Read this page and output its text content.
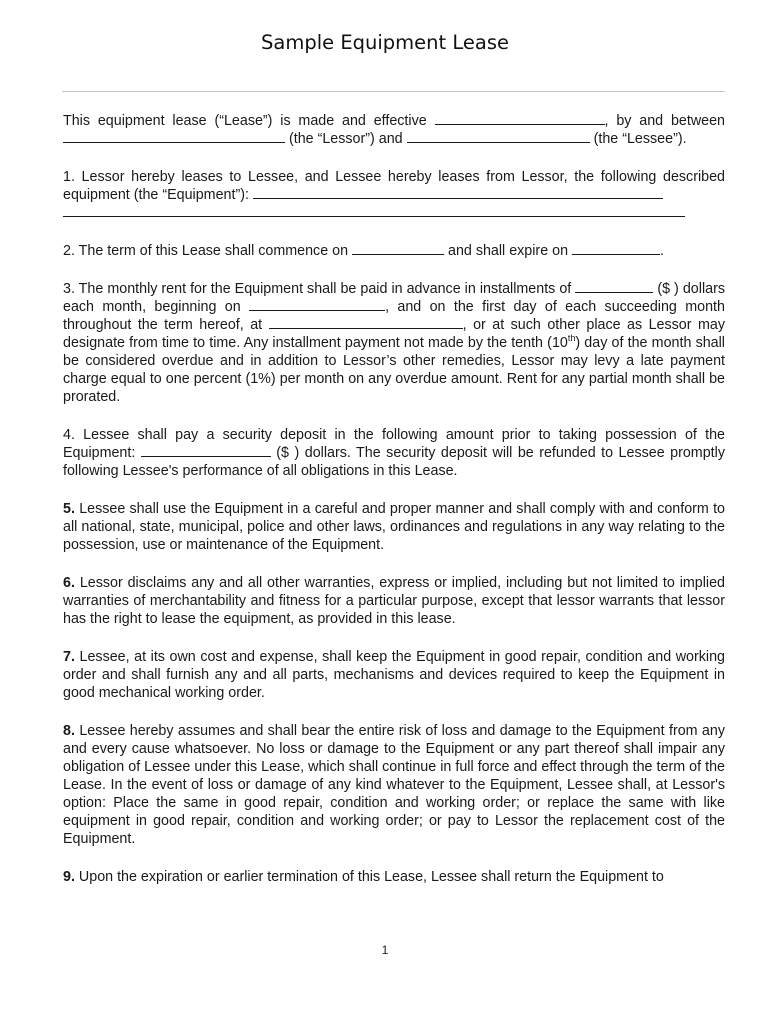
Sample Equipment Lease

This equipment lease (“Lease”) is made and effective	, by and between  (the “Lessor”) and	(the “Lessee”).

1. Lessor hereby leases to Lessee, and Lessee hereby leases from Lessor, the following described equipment (the “Equipment”):

2. The term of this Lease shall commence on	and shall expire on	.

3. The monthly rent for the Equipment shall be paid in advance in installments of	($ ) dollars each month, beginning on	, and on the first day of each succeeding month throughout the term hereof, at	, or at such other place as Lessor may designate from time to time. Any installment payment not made by the tenth (10th) day of the month shall be considered overdue and in addition to Lessor’s other remedies, Lessor may levy a late payment charge equal to one percent (1%) per month on any overdue amount. Rent for any partial month shall be prorated.

4. Lessee shall pay a security deposit in the following amount prior to taking possession of the Equipment:	($ ) dollars. The security deposit will be refunded to Lessee promptly following Lessee's performance of all obligations in this Lease.

5. Lessee shall use the Equipment in a careful and proper manner and shall comply with and conform to all national, state, municipal, police and other laws, ordinances and regulations in any way relating to the possession, use or maintenance of the Equipment.

6. Lessor disclaims any and all other warranties, express or implied, including but not limited to implied warranties of merchantability and fitness for a particular purpose, except that lessor warrants that lessor has the right to lease the equipment, as provided in this lease.

7. Lessee, at its own cost and expense, shall keep the Equipment in good repair, condition and working order and shall furnish any and all parts, mechanisms and devices required to keep the Equipment in good mechanical working order.

8. Lessee hereby assumes and shall bear the entire risk of loss and damage to the Equipment from any and every cause whatsoever. No loss or damage to the Equipment or any part thereof shall impair any obligation of Lessee under this Lease, which shall continue in full force and effect through the term of the Lease. In the event of loss or damage of any kind whatever to the Equipment, Lessee shall, at Lessor's option: Place the same in good repair, condition and working order; or replace the same with like equipment in good repair, condition and working order; or pay to Lessor the replacement cost of the Equipment.

9. Upon the expiration or earlier termination of this Lease, Lessee shall return the Equipment to

1
